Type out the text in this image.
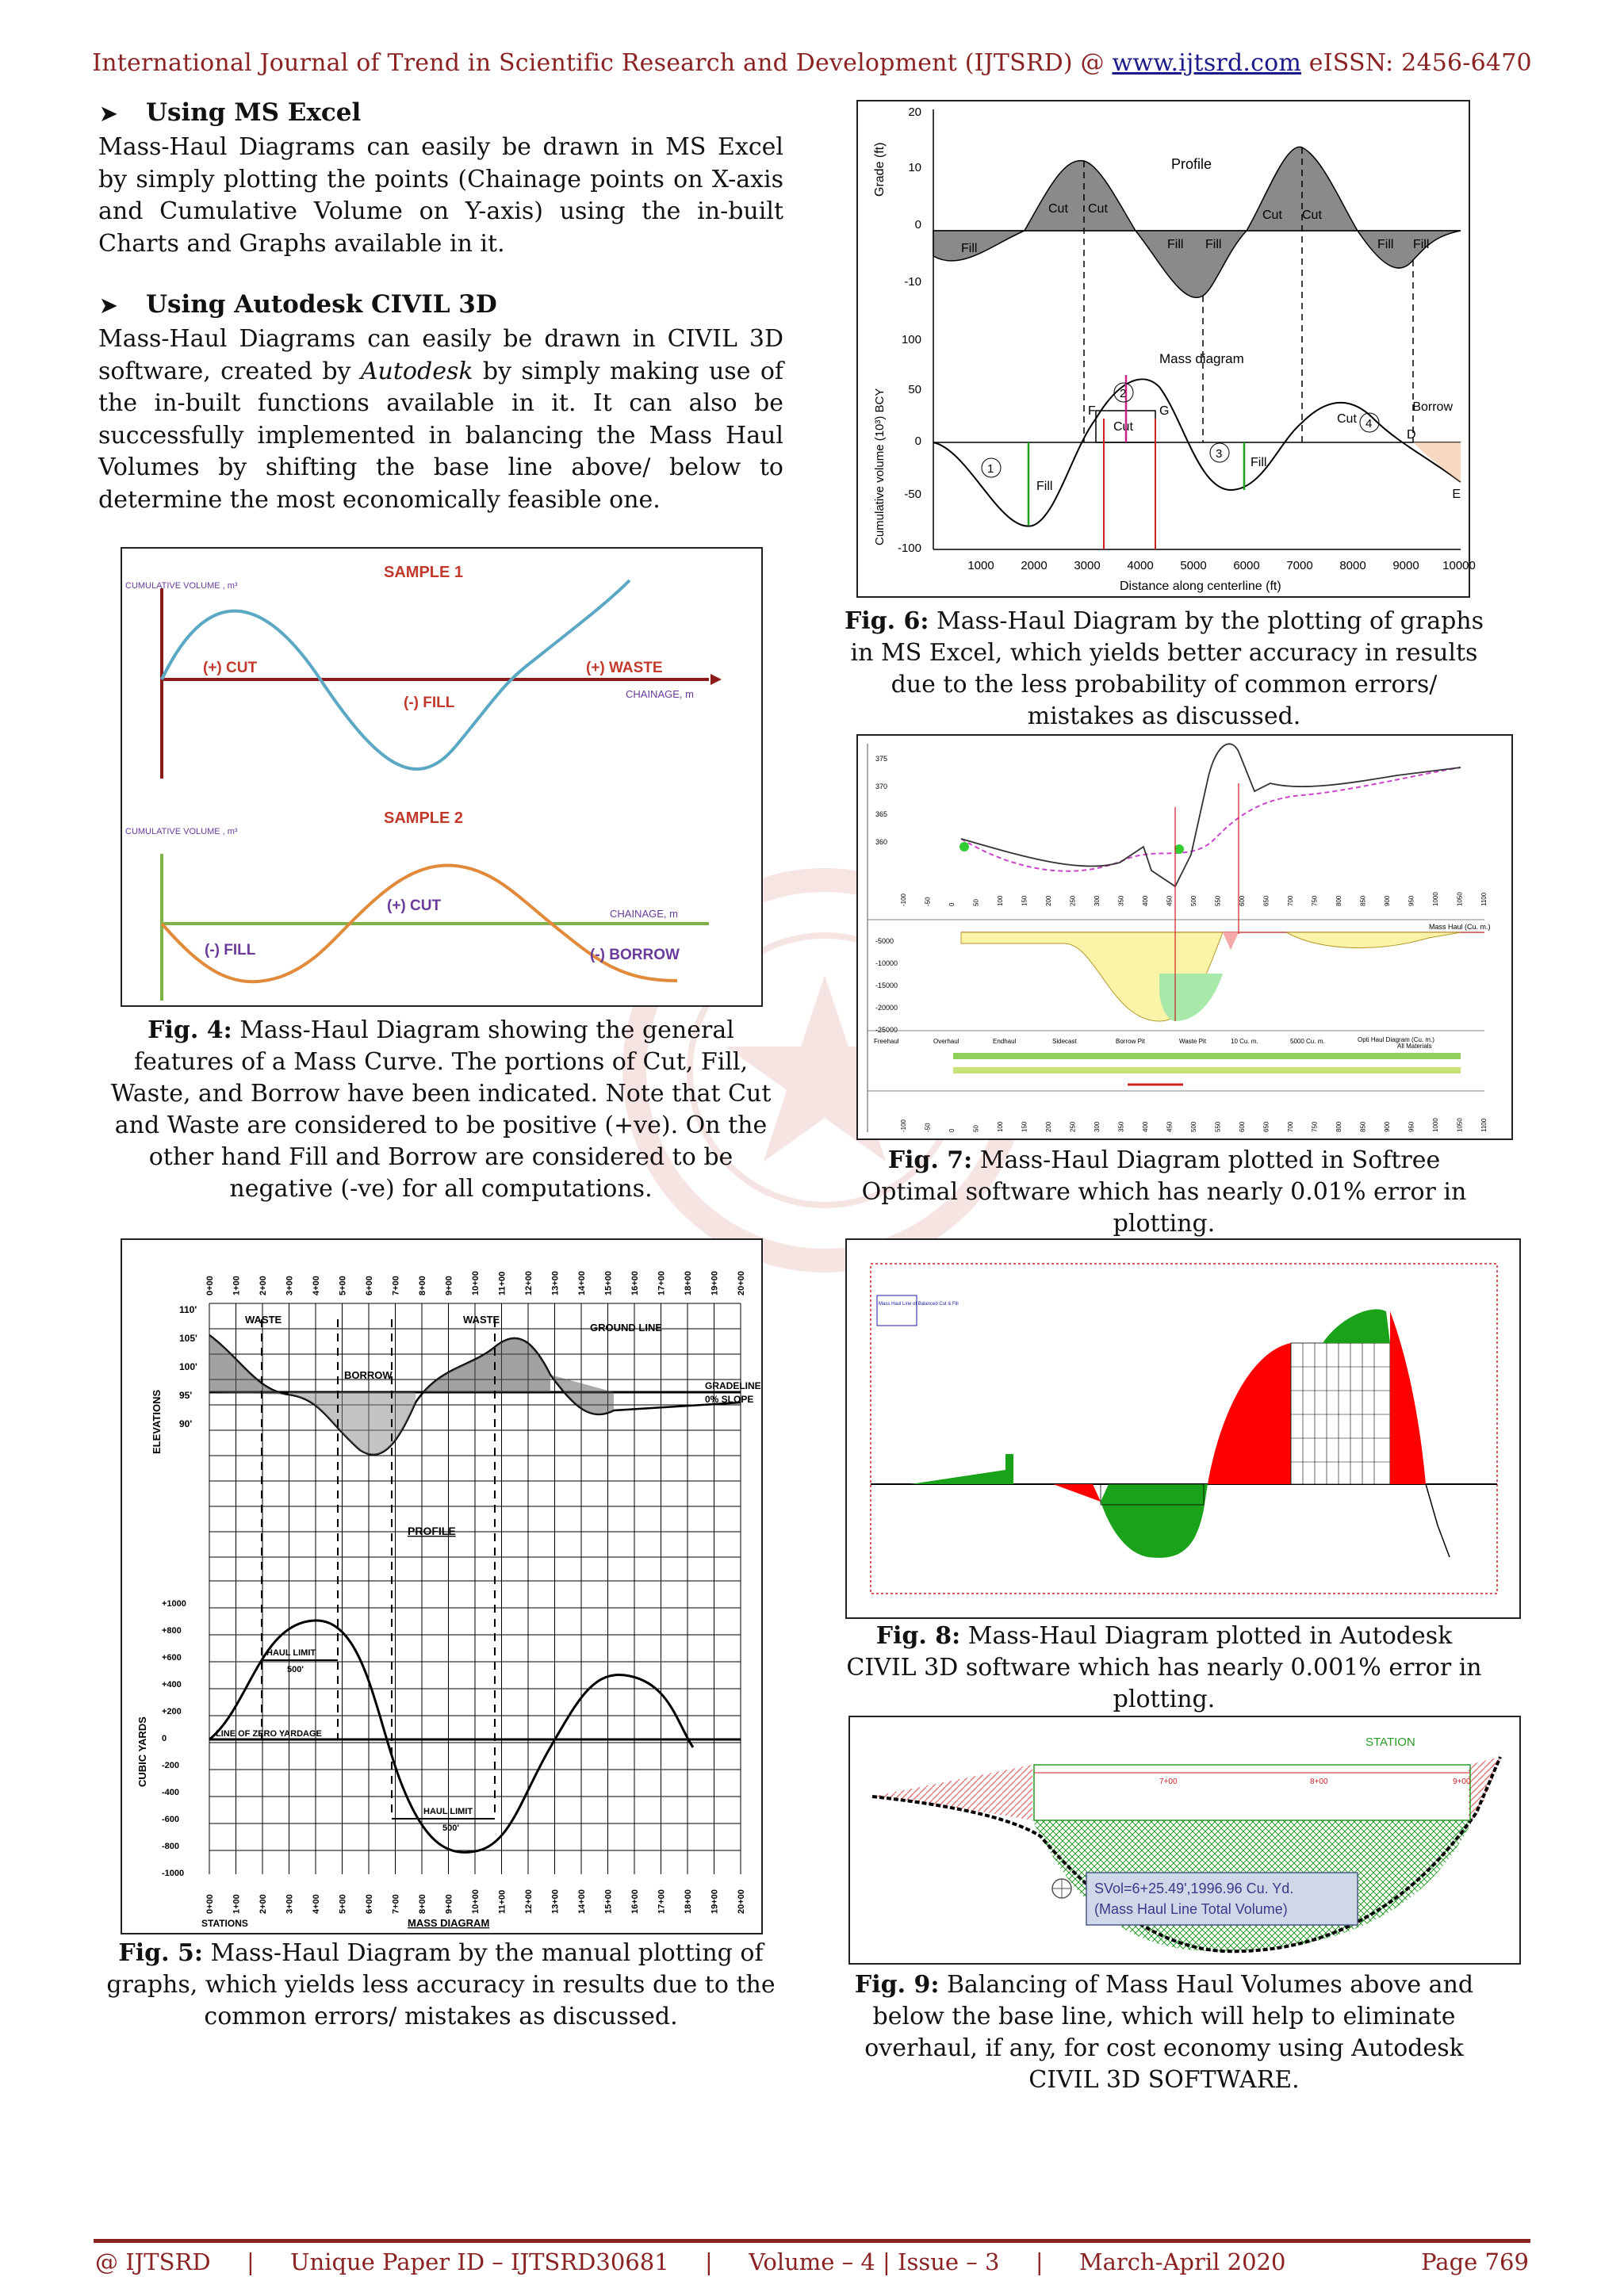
International Journal of Trend in Scientific Research and Development (IJTSRD) @ www.ijtsrd.com eISSN: 2456-6470
➤ Using MS Excel
Mass-Haul Diagrams can easily be drawn in MS Excel by simply plotting the points (Chainage points on X-axis and Cumulative Volume on Y-axis) using the in-built Charts and Graphs available in it.
➤ Using Autodesk CIVIL 3D
Mass-Haul Diagrams can easily be drawn in CIVIL 3D software, created by Autodesk by simply making use of the in-built functions available in it. It can also be successfully implemented in balancing the Mass Haul Volumes by shifting the base line above/ below to determine the most economically feasible one.
SAMPLE 1
CUMULATIVE VOLUME , m³
(+) CUT
(-) FILL
(+) WASTE
CHAINAGE, m
SAMPLE 2
CUMULATIVE VOLUME , m³
(-) FILL
(+) CUT
(-) BORROW
CHAINAGE, m
Fig. 4: Mass-Haul Diagram showing the general features of a Mass Curve. The portions of Cut, Fill, Waste, and Borrow have been indicated. Note that Cut and Waste are considered to be positive (+ve). On the other hand Fill and Borrow are considered to be negative (-ve) for all computations.
0+00 1+00 2+00 3+00 4+00 5+00 6+00 7+00 8+00 9+00 10+00 11+00 12+00 13+00 14+00 15+00 16+00 17+00 18+00 19+00 20+00
0+00 1+00 2+00 3+00 4+00 5+00 6+00 7+00 8+00 9+00 10+00 11+00 12+00 13+00 14+00 15+00 16+00 17+00 18+00 19+00 20+00
110'
105'
100'
95'
90'
+1000
+800
+600
+400
+200
0
-200
-400
-600
-800
-1000
WASTE	WASTE
BORROW
GROUND LINE
GRADELINE
0% SLOPE
PROFILE
ELEVATIONS
CUBIC YARDS
HAUL LIMIT
500'
HAUL LIMIT
500'
LINE OF ZERO YARDAGE
STATIONS	MASS DIAGRAM
Fig. 5: Mass-Haul Diagram by the manual plotting of graphs, which yields less accuracy in results due to the common errors/ mistakes as discussed.
20
10
0
-10
100
50
0
-50
-100
1000 2000 3000 4000 5000 6000 7000 8000 9000 10000
Profile
Cut Cut	Cut Cut
Fill	Fill Fill	Fill Fill
Mass diagram
Cut
Cut
Fill
Fill
Borrow
F	G
D
E
1
2
3
4
Grade (ft)
Cumulative volume (10³) BCY
Distance along centerline (ft)
Fig. 6: Mass-Haul Diagram by the plotting of graphs in MS Excel, which yields better accuracy in results due to the less probability of common errors/ mistakes as discussed.
375
370
365
360
-5000
-10000
-15000
-20000
-25000
-100
-100
-50
-50
0
0
50
50
100
100
150
150
200
200
250
250
300
300
350
350
400
400
450
450
500
500
550
550
600
600
650
650
700
700
750
750
800
800
850
850
900
900
950
950
1000
1000
1050
1050
1100
1100
Mass Haul (Cu. m.)
Freehaul	Overhaul	Endhaul	Sidecast	Borrow Pit	Waste Pit	10 Cu. m.	5000 Cu. m.	Opti Haul Diagram (Cu. m.)
All Materials
Fig. 7: Mass-Haul Diagram plotted in Softree Optimal software which has nearly 0.01% error in plotting.
Mass Haul Line of Balanced Cut & Fill
Fig. 8: Mass-Haul Diagram plotted in Autodesk CIVIL 3D software which has nearly 0.001% error in plotting.
STATION
7+00	8+00	9+00
SVol=6+25.49',1996.96 Cu. Yd.
(Mass Haul Line Total Volume)
Fig. 9: Balancing of Mass Haul Volumes above and below the base line, which will help to eliminate overhaul, if any, for cost economy using Autodesk CIVIL 3D SOFTWARE.
@ IJTSRD | Unique Paper ID – IJTSRD30681 | Volume – 4 | Issue – 3 | March-April 2020	Page 769
